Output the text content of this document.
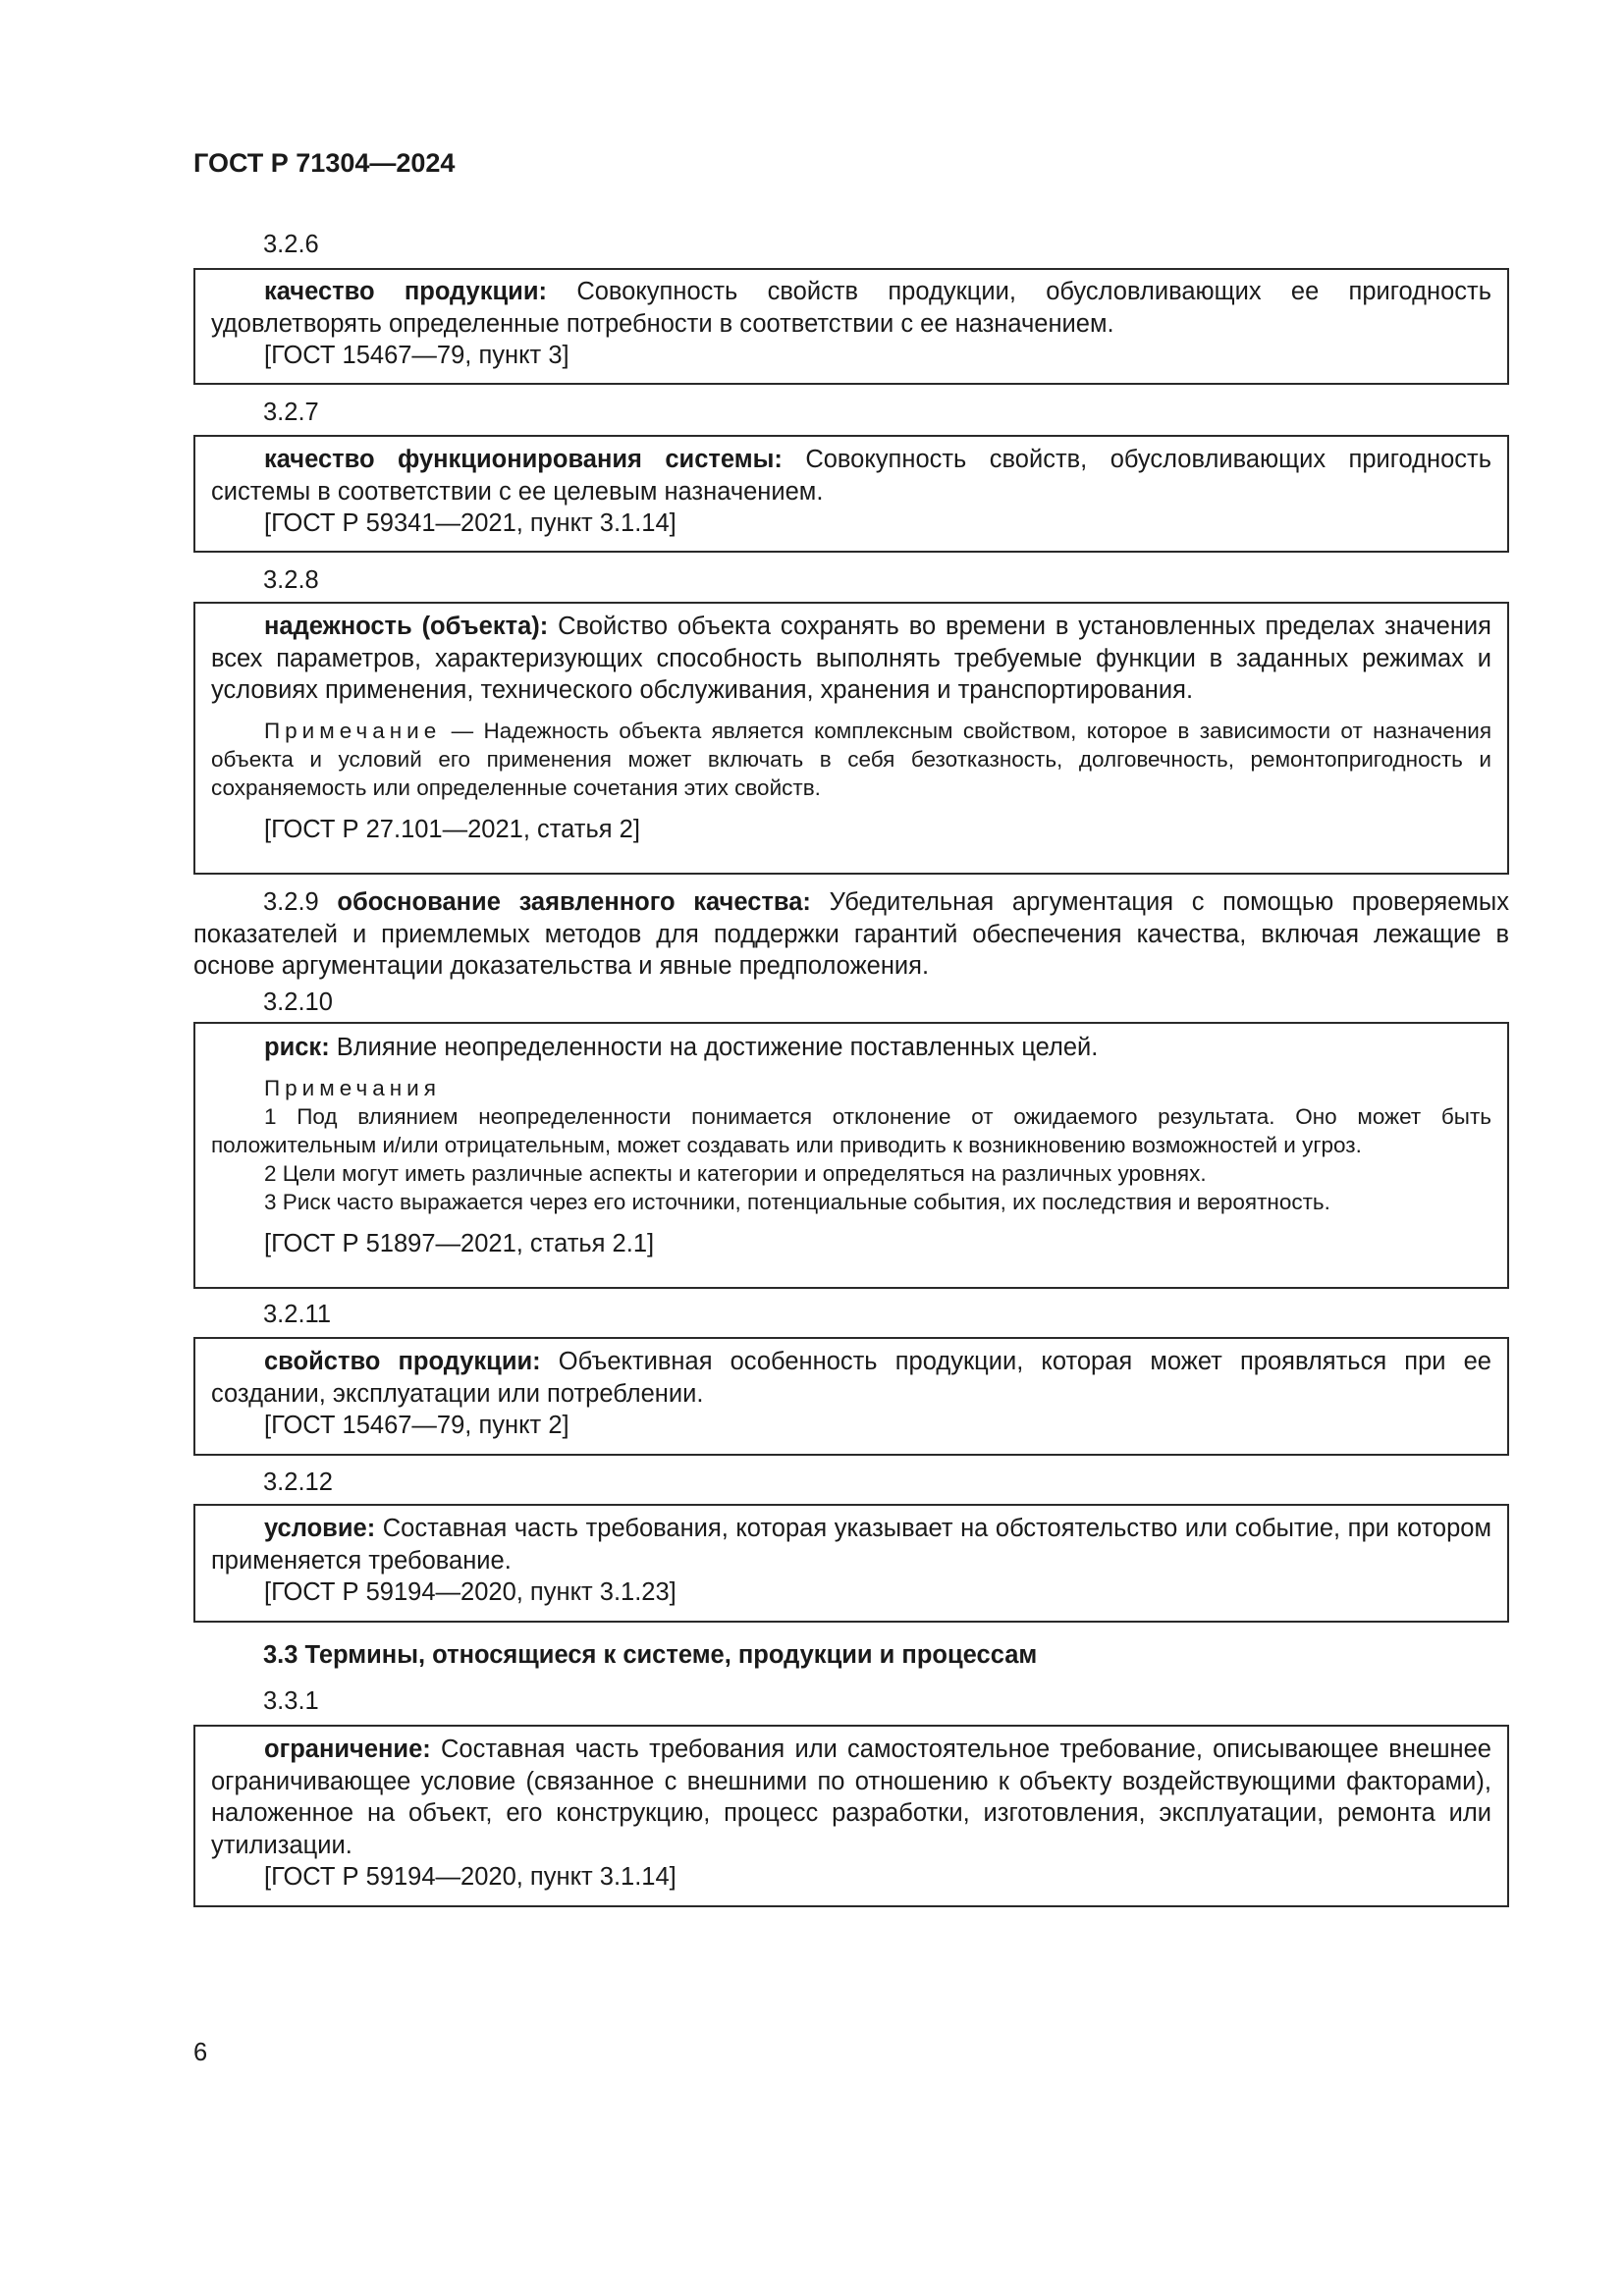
ГОСТ Р 71304—2024
3.2.6

качество продукции: Совокупность свойств продукции, обусловливающих ее пригодность удовлетворять определенные потребности в соответствии с ее назначением.

[ГОСТ 15467—79, пункт 3]

3.2.7

качество функционирования системы: Совокупность свойств, обусловливающих пригодность системы в соответствии с ее целевым назначением.

[ГОСТ Р 59341—2021, пункт 3.1.14]

3.2.8

надежность (объекта): Свойство объекта сохранять во времени в установленных пределах значения всех параметров, характеризующих способность выполнять требуемые функции в заданных режимах и условиях применения, технического обслуживания, хранения и транспортирования.

Примечание — Надежность объекта является комплексным свойством, которое в зависимости от назначения объекта и условий его применения может включать в себя безотказность, долговечность, ремонтопригодность и сохраняемость или определенные сочетания этих свойств.

[ГОСТ Р 27.101—2021, статья 2]

3.2.9 обоснование заявленного качества: Убедительная аргументация с помощью проверяемых показателей и приемлемых методов для поддержки гарантий обеспечения качества, включая лежащие в основе аргументации доказательства и явные предположения.

3.2.10

риск: Влияние неопределенности на достижение поставленных целей.

Примечания

1 Под влиянием неопределенности понимается отклонение от ожидаемого результата. Оно может быть положительным и/или отрицательным, может создавать или приводить к возникновению возможностей и угроз.

2 Цели могут иметь различные аспекты и категории и определяться на различных уровнях.

3 Риск часто выражается через его источники, потенциальные события, их последствия и вероятность.

[ГОСТ Р 51897—2021, статья 2.1]

3.2.11

свойство продукции: Объективная особенность продукции, которая может проявляться при ее создании, эксплуатации или потреблении.

[ГОСТ 15467—79, пункт 2]

3.2.12

условие: Составная часть требования, которая указывает на обстоятельство или событие, при котором применяется требование.

[ГОСТ Р 59194—2020, пункт 3.1.23]

3.3 Термины, относящиеся к системе, продукции и процессам
3.3.1

ограничение: Составная часть требования или самостоятельное требование, описывающее внешнее ограничивающее условие (связанное с внешними по отношению к объекту воздействующими факторами), наложенное на объект, его конструкцию, процесс разработки, изготовления, эксплуатации, ремонта или утилизации.

[ГОСТ Р 59194—2020, пункт 3.1.14]

6
